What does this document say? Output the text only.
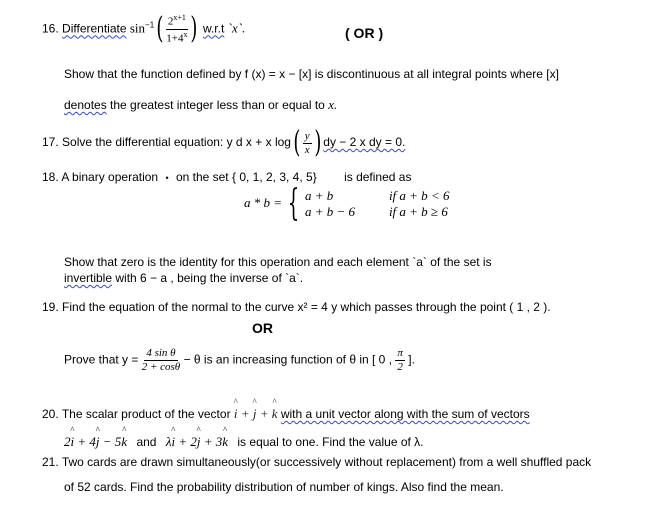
16. Differentiate $\sin^{-1}( \frac{2^{x+1}}{1+4^x}$ ) w.r.t `x`.	( OR )
Show that the function defined by f (x) = x − [x] is discontinuous at all integral points where [x]
denotes the greatest integer less than or equal to x.
17. Solve the differential equation: y d x + x $\log( \frac{y}{x}$ ) dy − 2 x dy = 0.
18. A binary operation • on the set { 0, 1, 2, 3, 4, 5} is defined as
a * b = { a + b	if a + b < 6
a + b − 6	if a + b ≥ 6
Show that zero is the identity for this operation and each element `a` of the set is
invertible with 6 − a , being the inverse of `a`.
19. Find the equation of the normal to the curve x² = 4 y which passes through the point ( 1 , 2 ).
OR
Prove that $y = \frac{\text{4 sin θ}}{2 + \cos\theta} - \theta$ is an increasing function of θ in [ 0 , $\frac{\pi}{2}$ ].
20. The scalar product of the vector ^ i + ^ j + ^ k with a unit vector along with the sum of vectors
2^ i + 4^ j − 5^ k and λ^ i + 2^ j + 3^ k is equal to one. Find the value of λ.
21. Two cards are drawn simultaneously(or successively without replacement) from a well shuffled pack
of 52 cards. Find the probability distribution of number of kings. Also find the mean.
